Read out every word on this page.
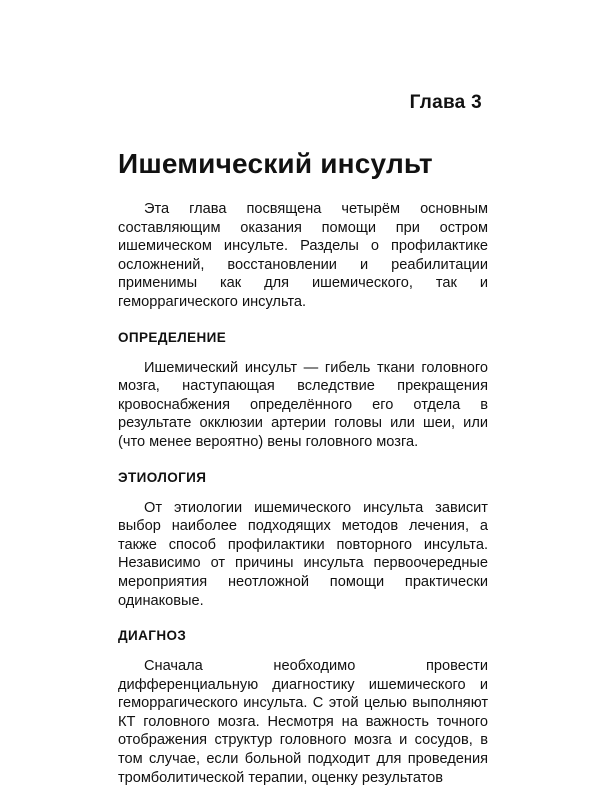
Глава 3
Ишемический инсульт

Эта глава посвящена четырём основным составляющим оказания помощи при остром ишемическом инсульте. Разделы о профилактике осложнений, восстановлении и реабилитации применимы как для ишемического, так и геморрагического инсульта.

ОПРЕДЕЛЕНИЕ

Ишемический инсульт — гибель ткани головного мозга, наступающая вследствие прекращения кровоснабжения определённого его отдела в результате окклюзии артерии головы или шеи, или (что менее вероятно) вены головного мозга.

ЭТИОЛОГИЯ

От этиологии ишемического инсульта зависит выбор наиболее подходящих методов лечения, а также способ профилактики повторного инсульта. Независимо от причины инсульта первоочередные мероприятия неотложной помощи практически одинаковые.

ДИАГНОЗ

Сначала необходимо провести дифференциальную диагностику ишемического и геморрагического инсульта. С этой целью выполняют КТ головного мозга. Несмотря на важность точного отображения структур головного мозга и сосудов, в том случае, если больной подходит для проведения тромболитической терапии, оценку результатов
